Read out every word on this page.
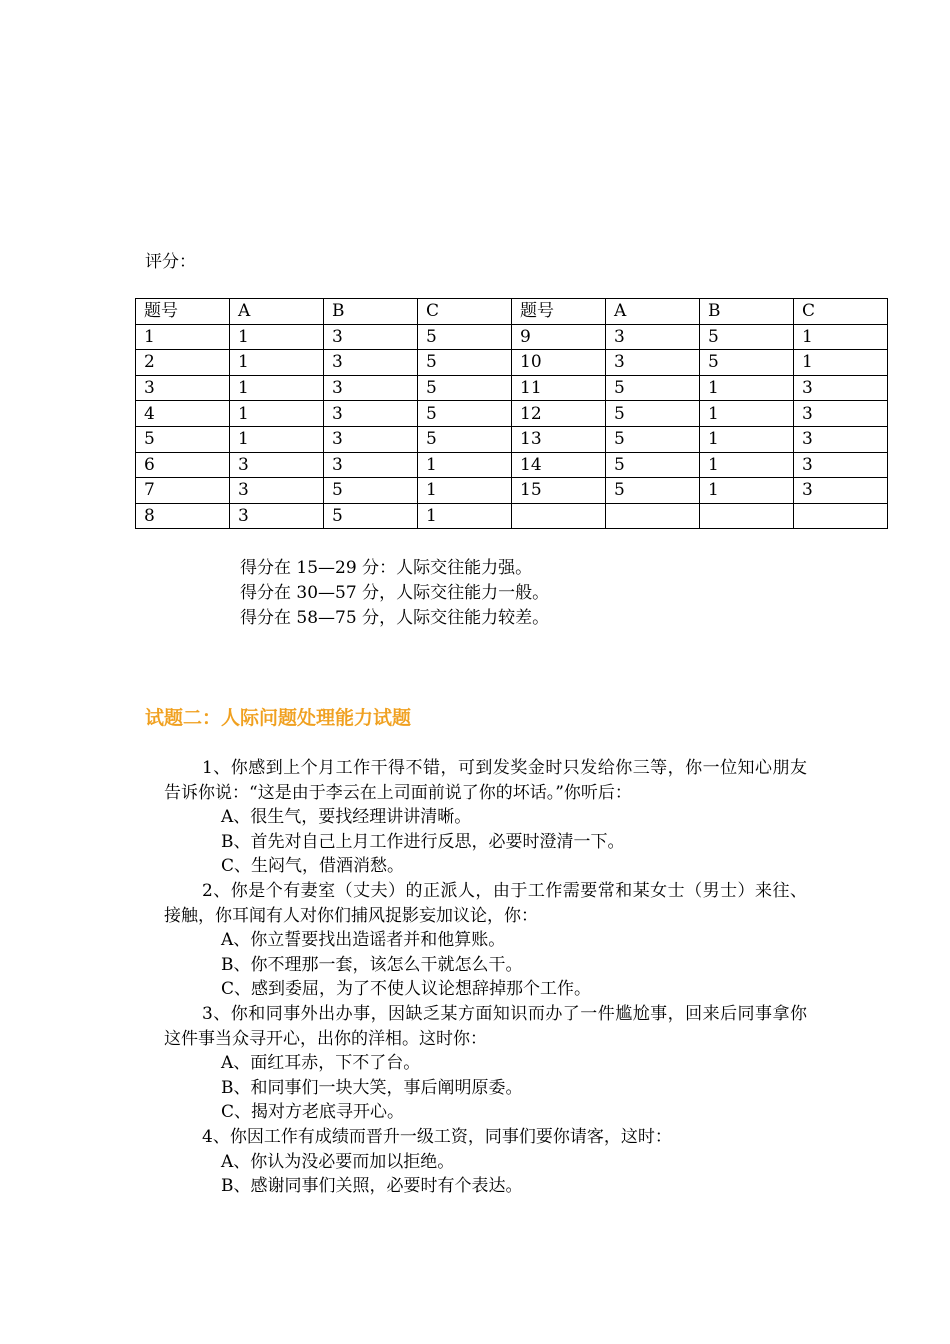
评分：
题号	A	B	C	题号	A	B	C
1	1	3	5	9	3	5	1
2	1	3	5	10	3	5	1
3	1	3	5	11	5	1	3
4	1	3	5	12	5	1	3
5	1	3	5	13	5	1	3
6	3	3	1	14	5	1	3
7	3	5	1	15	5	1	3
8	3	5	1				
得分在 15—29 分：人际交往能力强。
得分在 30—57 分，人际交往能力一般。
得分在 58—75 分，人际交往能力较差。
试题二：人际问题处理能力试题

1、你感到上个月工作干得不错，可到发奖金时只发给你三等，你一位知心朋友告诉你说：“这是由于李云在上司面前说了你的坏话。”你听后：

A、很生气，要找经理讲讲清晰。

B、首先对自己上月工作进行反思，必要时澄清一下。

C、生闷气，借酒消愁。

2、你是个有妻室（丈夫）的正派人，由于工作需要常和某女士（男士）来往、接触，你耳闻有人对你们捕风捉影妄加议论，你：

A、你立誓要找出造谣者并和他算账。

B、你不理那一套，该怎么干就怎么干。

C、感到委屈，为了不使人议论想辞掉那个工作。

3、你和同事外出办事，因缺乏某方面知识而办了一件尴尬事，回来后同事拿你这件事当众寻开心，出你的洋相。这时你：

A、面红耳赤，下不了台。

B、和同事们一块大笑，事后阐明原委。

C、揭对方老底寻开心。

4、你因工作有成绩而晋升一级工资，同事们要你请客，这时：

A、你认为没必要而加以拒绝。

B、感谢同事们关照，必要时有个表达。
